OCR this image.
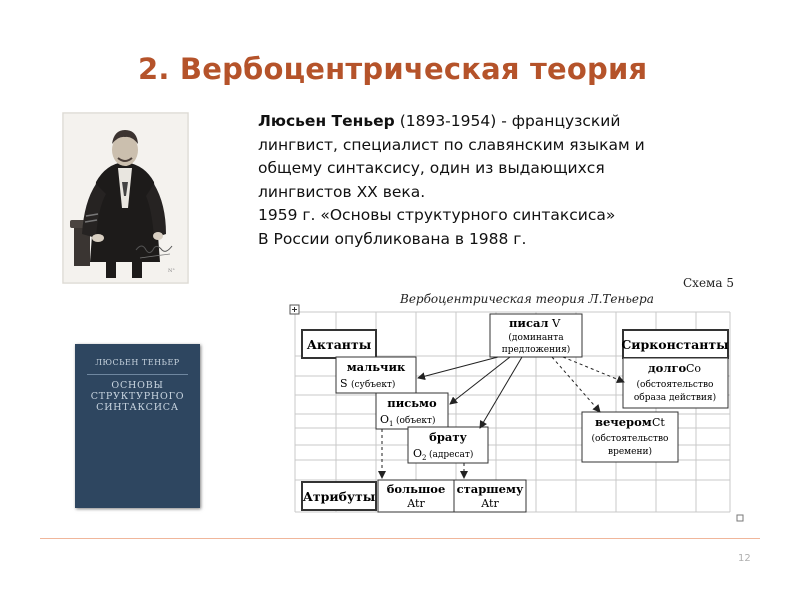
2. Вербоцентрическая теория
Люсьен Теньер (1893-1954) - французский
лингвист, специалист по славянским языкам и
общему синтаксису, один из выдающихся
лингвистов XX века.
1959 г. «Основы структурного синтаксиса»
В России опубликована в 1988 г.
N°
ЛЮСЬЕН ТЕНЬЕР
ОСНОВЫ
СТРУКТУРНОГО
СИНТАКСИСА
Схема 5
Вербоцентрическая теория Л.Теньера
Актанты	Сирконстанты
Атрибуты
писал V
(доминанта
предложения)
мальчик
S (субъект)
письмо
O 1 (объект)
брату
O 2 (адресат)
долго Co
(обстоятельство
образа действия)
вечером Ct
(обстоятельство
времени)
большое
Atr
старшему
Atr
12
